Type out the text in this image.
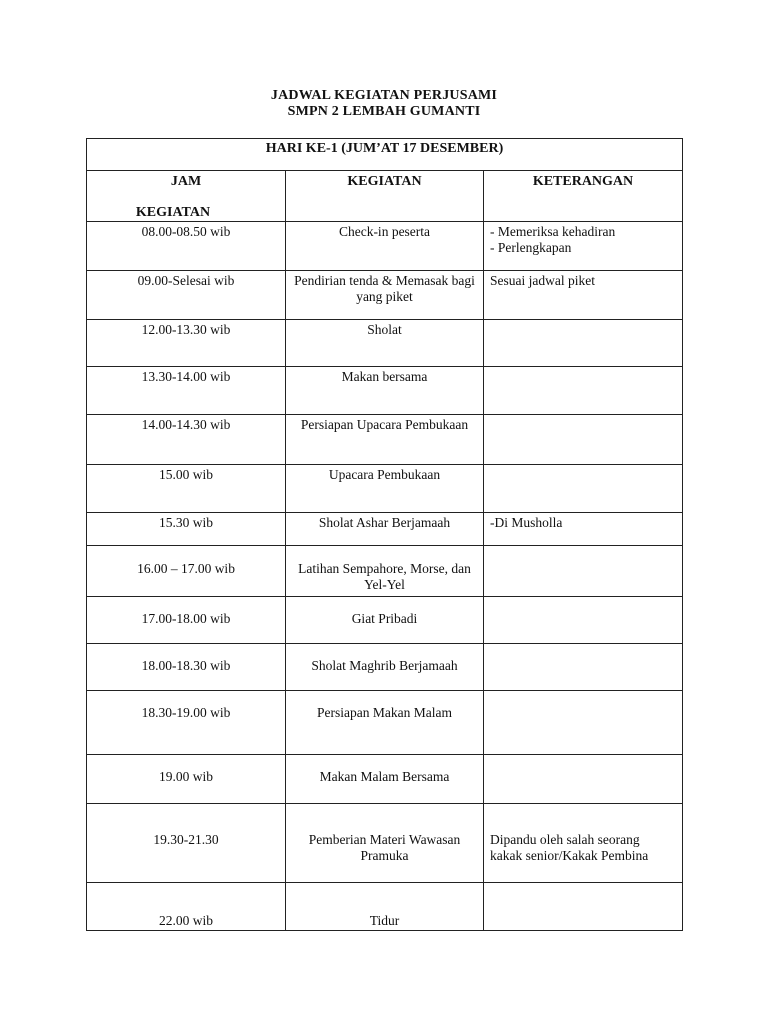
JADWAL KEGIATAN PERJUSAMI
SMPN 2 LEMBAH GUMANTI
HARI KE-1 (JUM’AT 17 DESEMBER)		

JAM
KEGIATAN	KEGIATAN	KETERANGAN

08.00-08.50 wib	Check-in peserta	- Memeriksa kehadiran
- Perlengkapan

09.00-Selesai wib	Pendirian tenda & Memasak bagi yang piket	Sesuai jadwal piket

12.00-13.30 wib	Sholat	

13.30-14.00 wib	Makan bersama	

14.00-14.30 wib	Persiapan Upacara Pembukaan	

15.00 wib	Upacara Pembukaan	

15.30 wib	Sholat Ashar Berjamaah	-Di Musholla

16.00 – 17.00 wib	Latihan Sempahore, Morse, dan Yel-Yel	

17.00-18.00 wib	Giat Pribadi	

18.00-18.30 wib	Sholat Maghrib Berjamaah	

18.30-19.00 wib	Persiapan Makan Malam	

19.00 wib	Makan Malam Bersama	

19.30-21.30	Pemberian Materi Wawasan Pramuka	Dipandu oleh salah seorang kakak senior/Kakak Pembina

22.00 wib	Tidur	
